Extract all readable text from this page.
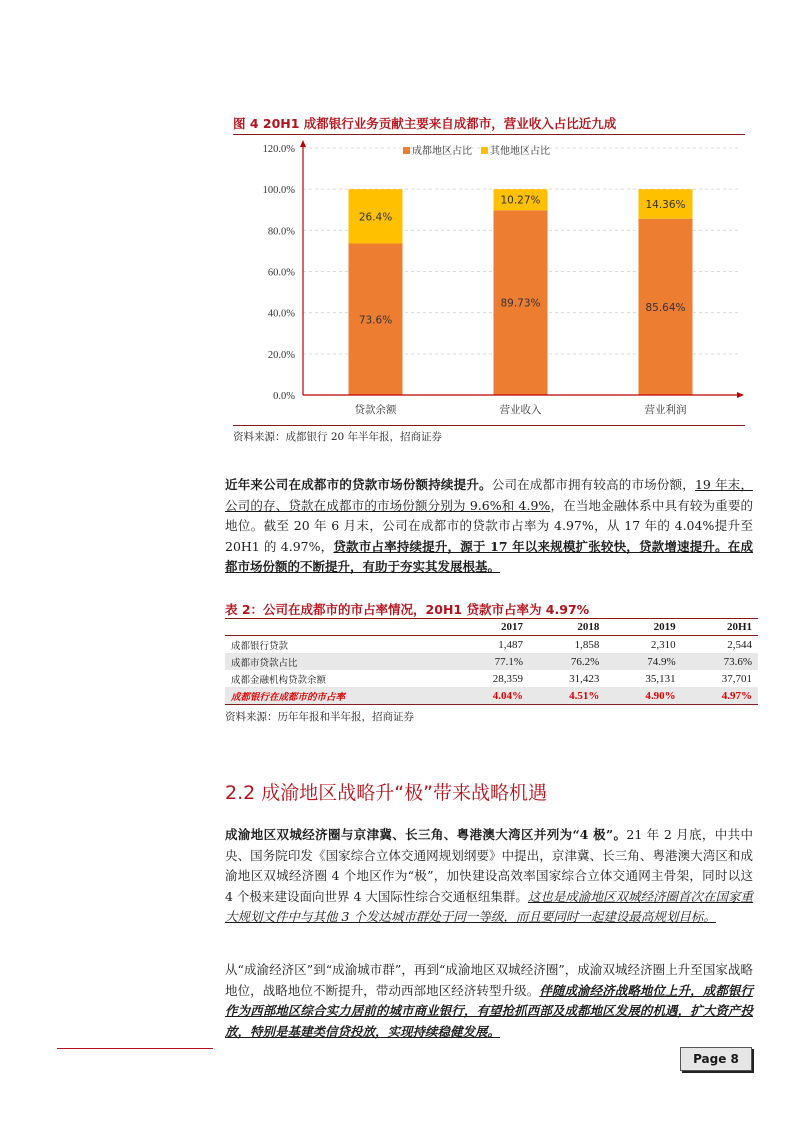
图 4 20H1 成都银行业务贡献主要来自成都市，营业收入占比近九成
0.0%
20.0%
40.0%
60.0%
80.0%
100.0%
120.0%
73.6%
26.4%
89.73%
10.27%
85.64%
14.36%
贷款余额	营业收入	营业利润
成都地区占比 其他地区占比
资料来源：成都银行 20 年半年报，招商证券
近年来公司在成都市的贷款市场份额持续提升。公司在成都市拥有较高的市场份额，19 年末，公司的存、贷款在成都市的市场份额分别为 9.6%和 4.9%，在当地金融体系中具有较为重要的地位。截至 20 年 6 月末，公司在成都市的贷款市占率为 4.97%，从 17 年的 4.04%提升至 20H1 的 4.97%，贷款市占率持续提升，源于 17 年以来规模扩张较快，贷款增速提升。在成都市场份额的不断提升，有助于夯实其发展根基。
表 2：公司在成都市的市占率情况，20H1 贷款市占率为 4.97%
	2017	2018	2019	20H1
成都银行贷款	1,487	1,858	2,310	2,544
成都市贷款占比	77.1%	76.2%	74.9%	73.6%
成都金融机构贷款余额	28,359	31,423	35,131	37,701
成都银行在成都市的市占率	4.04%	4.51%	4.90%	4.97%
资料来源：历年年报和半年报，招商证券
2.2 成渝地区战略升“极”带来战略机遇
成渝地区双城经济圈与京津冀、长三角、粤港澳大湾区并列为“4 极”。21 年 2 月底，中共中央、国务院印发《国家综合立体交通网规划纲要》中提出，京津冀、长三角、粤港澳大湾区和成渝地区双城经济圈 4 个地区作为“极”，加快建设高效率国家综合立体交通网主骨架，同时以这 4 个极来建设面向世界 4 大国际性综合交通枢纽集群。这也是成渝地区双城经济圈首次在国家重大规划文件中与其他 3 个发达城市群处于同一等级，而且要同时一起建设最高规划目标。
从“成渝经济区”到“成渝城市群”，再到“成渝地区双城经济圈”，成渝双城经济圈上升至国家战略地位，战略地位不断提升，带动西部地区经济转型升级。伴随成渝经济战略地位上升，成都银行作为西部地区综合实力居前的城市商业银行，有望抢抓西部及成都地区发展的机遇，扩大资产投放，特别是基建类信贷投放，实现持续稳健发展。
Page 8
